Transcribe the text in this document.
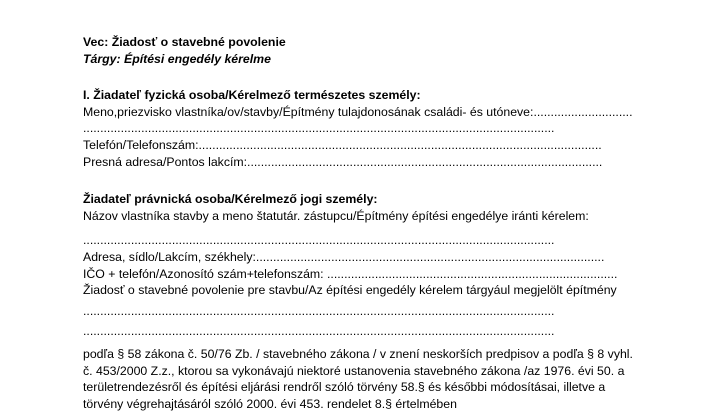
Vec: Žiadosť o stavebné povolenie
Tárgy: Építési engedély kérelme
I. Žiadateľ fyzická osoba/Kérelmező természetes személy:
Meno,priezvisko vlastníka/ov/stavby/Építmény tulajdonosának családi- és utóneve:.............................
..........................................................................................................................................
Telefón/Telefonszám:......................................................................................................................
Presná adresa/Pontos lakcím:........................................................................................................
Žiadateľ právnická osoba/Kérelmező jogi személy:
Názov vlastníka stavby a meno štatutár. zástupcu/Építmény építési engedélye iránti kérelem:
..........................................................................................................................................
Adresa, sídlo/Lakcím, székhely:......................................................................................................
IČO + telefón/Azonosító szám+telefonszám: .....................................................................................
Žiadosť o stavebné povolenie pre stavbu/Az építési engedély kérelem tárgyául megjelölt építmény
..........................................................................................................................................
..........................................................................................................................................
podľa § 58 zákona č. 50/76 Zb. / stavebného zákona / v znení neskorších predpisov a podľa § 8 vyhl. č. 453/2000 Z.z., ktorou sa vykonávajú niektoré ustanovenia stavebného zákona /az 1976. évi 50. a területrendezésről és építési eljárási rendről szóló törvény 58.§ és későbbi módosításai, illetve a törvény végrehajtásáról szóló 2000. évi 453. rendelet 8.§ értelmében
